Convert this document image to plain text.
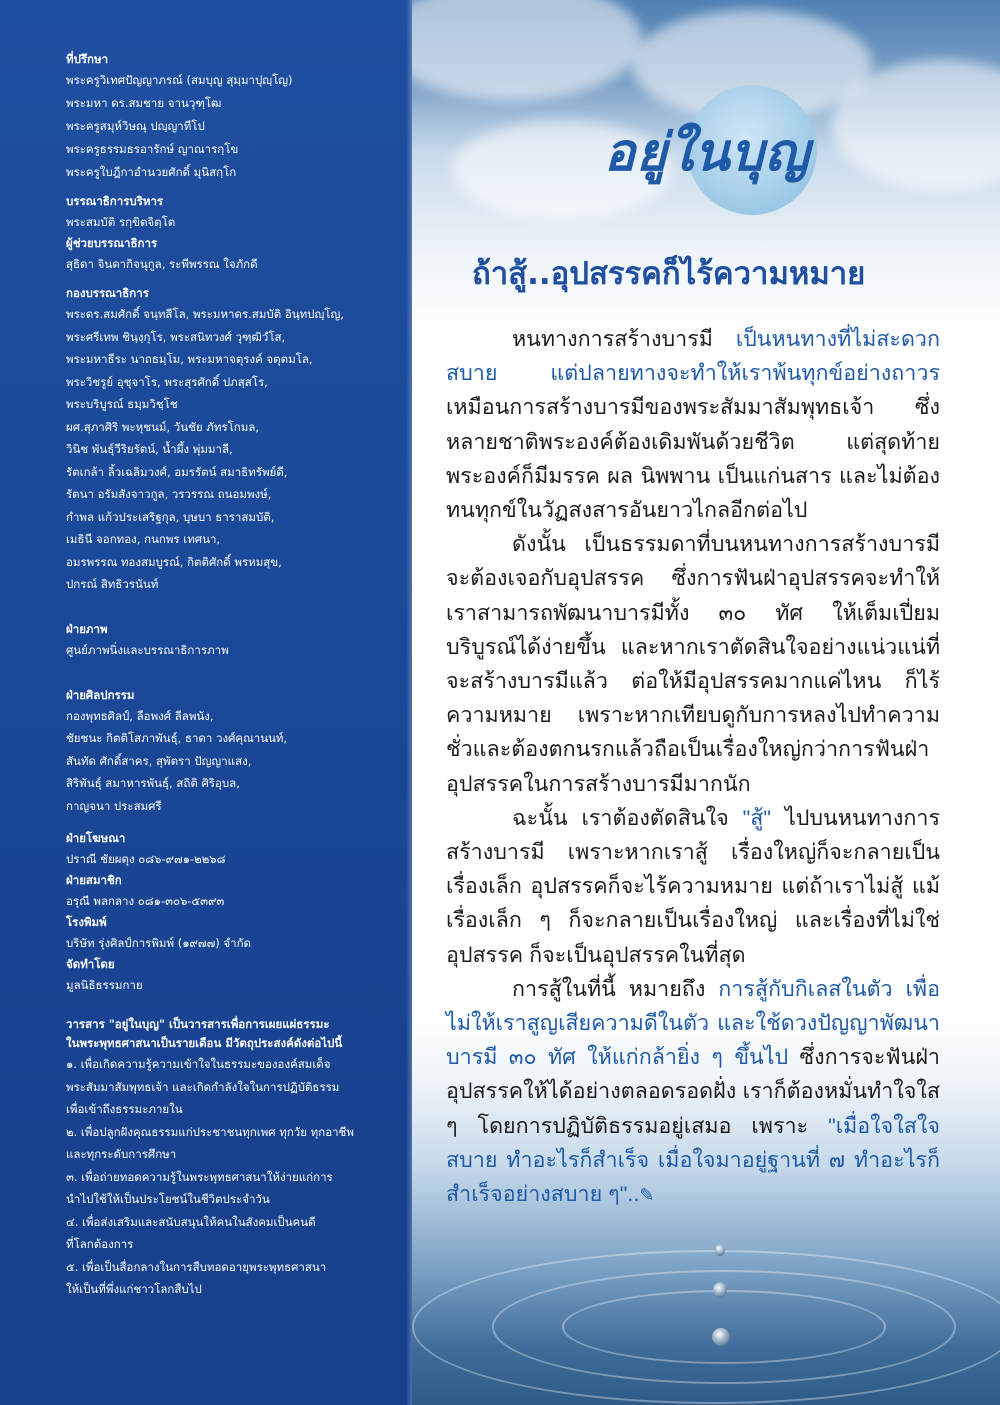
ที่ปรึกษา

พระครูวิเทศปัญญาภรณ์ (สมบุญ สุมฺมาปุญฺโญ)

พระมหา ดร.สมชาย จานวุฑฺโฒ

พระครูสมุห์วิษณุ ปญฺญาทีโป

พระครูธรรมธรอารักษ์ ญาณารกฺโข

พระครูใบฎีกาอำนวยศักดิ์ มุนิสกฺโก

บรรณาธิการบริหาร

พระสมบัติ รกฺขิตจิตฺโต

ผู้ช่วยบรรณาธิการ

สุธิดา จินดากิจนุกูล, ระพีพรรณ ใจภักดี

กองบรรณาธิการ

พระดร.สมศักดิ์ จนฺทสีโล, พระมหาดร.สมบัติ อินฺทปญฺโญ,

พระศรีเทพ ชินฺงฺกุโร, พระสนิทวงศ์ วุฑฺฒิวํโส,

พระมหาธีระ นาถธมฺโม, พระมหาจตุรงค์ จตุตมโล,

พระวิชรูย์ อุชุจาโร, พระสุรศักดิ์ ปภสฺสโร,

พระบริบูรณ์ ธมฺมวิชฺโช

ผศ.สุภาศิริ พะหุชนม์, วันชัย ภัทรโกมล,

วินิช พันธุ์วีริยรัตน์, น้ำผึ้ง พุ่มมาลี,

รัตเกล้า ลิ้วเฉลิมวงศ์, อมรรัตน์ สมาธิทรัพย์ดี,

รัตนา อรัมสังจาวกูล, วรวรรณ ถนอมพงษ์,

กำพล แก้วประเสริฐกุล, บุษบา ธาราสมบัติ,

เมธินี จอกทอง, กนกพร เทศนา,

อมรพรรณ ทองสมบูรณ์, กิตติศักดิ์ พรหมสุข,

ปกรณ์ สิทธิวรนันท์

ฝ่ายภาพ

ศูนย์ภาพนิ่งและบรรณาธิการภาพ

ฝ่ายศิลปกรรม

กองพุทธศิลป์, ลือพงศ์ ลีลพนัง,

ชัยชนะ กิตติโสภาพันธุ์, ธาดา วงศ์คุณานนท์,

สันทัด ศักดิ์สาคร, สุพัตรา ปัญญาแสง,

สิริพันธุ์ สมาหารพันธุ์, สถิติ ศิริอุบล,

กาญจนา ประสมศรี

ฝ่ายโฆษณา

ปราณี ชัยผดุง ๐๘๖-๙๗๑-๒๒๖๘

ฝ่ายสมาชิก

อรุณี พลกลาง ๐๘๑-๓๐๖-๕๓๙๓

โรงพิมพ์

บริษัท รุ่งศิลป์การพิมพ์ (๑๙๗๗) จำกัด

จัดทำโดย

มูลนิธิธรรมกาย

วารสาร "อยู่ในบุญ" เป็นวารสารเพื่อการเผยแผ่ธรรมะ

ในพระพุทธศาสนาเป็นรายเดือน มีวัตถุประสงค์ดังต่อไปนี้

๑. เพื่อเกิดความรู้ความเข้าใจในธรรมะขององค์สมเด็จ

พระสัมมาสัมพุทธเจ้า และเกิดกำลังใจในการปฏิบัติธรรม

เพื่อเข้าถึงธรรมะภายใน

๒. เพื่อปลูกฝังคุณธรรมแก่ประชาชนทุกเพศ ทุกวัย ทุกอาชีพ

และทุกระดับการศึกษา

๓. เพื่อถ่ายทอดความรู้ในพระพุทธศาสนาให้ง่ายแก่การ

นำไปใช้ให้เป็นประโยชน์ในชีวิตประจำวัน

๔. เพื่อส่งเสริมและสนับสนุนให้คนในสังคมเป็นคนดี

ที่โลกต้องการ

๕. เพื่อเป็นสื่อกลางในการสืบทอดอายุพระพุทธศาสนา

ให้เป็นที่พึ่งแก่ชาวโลกสืบไป

อยู่ในบุญ
ถ้าสู้..อุปสรรคก็ไร้ความหมาย

หนทางการสร้างบารมี เป็นหนทางที่ไม่สะดวกสบาย แต่ปลายทางจะทำให้เราพ้นทุกข์อย่างถาวร เหมือนการสร้างบารมีของพระสัมมาสัมพุทธเจ้า ซึ่งหลายชาติพระองค์ต้องเดิมพันด้วยชีวิต แต่สุดท้ายพระองค์ก็มีมรรค ผล นิพพาน เป็นแก่นสาร และไม่ต้องทนทุกข์ในวัฏสงสารอันยาวไกลอีกต่อไป

ดังนั้น เป็นธรรมดาที่บนหนทางการสร้างบารมีจะต้องเจอกับอุปสรรค ซึ่งการฟันฝ่าอุปสรรคจะทำให้เราสามารถพัฒนาบารมีทั้ง ๓๐ ทัศ ให้เต็มเปี่ยมบริบูรณ์ได้ง่ายขึ้น และหากเราตัดสินใจอย่างแน่วแน่ที่จะสร้างบารมีแล้ว ต่อให้มีอุปสรรคมากแค่ไหน ก็ไร้ความหมาย เพราะหากเทียบดูกับการหลงไปทำความชั่วและต้องตกนรกแล้วถือเป็นเรื่องใหญ่กว่าการฟันฝ่าอุปสรรคในการสร้างบารมีมากนัก

ฉะนั้น เราต้องตัดสินใจ "สู้" ไปบนหนทางการสร้างบารมี เพราะหากเราสู้ เรื่องใหญ่ก็จะกลายเป็นเรื่องเล็ก อุปสรรคก็จะไร้ความหมาย แต่ถ้าเราไม่สู้ แม้เรื่องเล็ก ๆ ก็จะกลายเป็นเรื่องใหญ่ และเรื่องที่ไม่ใช่อุปสรรค ก็จะเป็นอุปสรรคในที่สุด

การสู้ในที่นี้ หมายถึง การสู้กับกิเลสในตัว เพื่อไม่ให้เราสูญเสียความดีในตัว และใช้ดวงปัญญาพัฒนาบารมี ๓๐ ทัศ ให้แก่กล้ายิ่ง ๆ ขึ้นไป ซึ่งการจะฟันฝ่าอุปสรรคให้ได้อย่างตลอดรอดฝั่ง เราก็ต้องหมั่นทำใจใส ๆ โดยการปฏิบัติธรรมอยู่เสมอ เพราะ "เมื่อใจใสใจสบาย ทำอะไรก็สำเร็จ เมื่อใจมาอยู่ฐานที่ ๗ ทำอะไรก็สำเร็จอย่างสบาย ๆ"..✎
